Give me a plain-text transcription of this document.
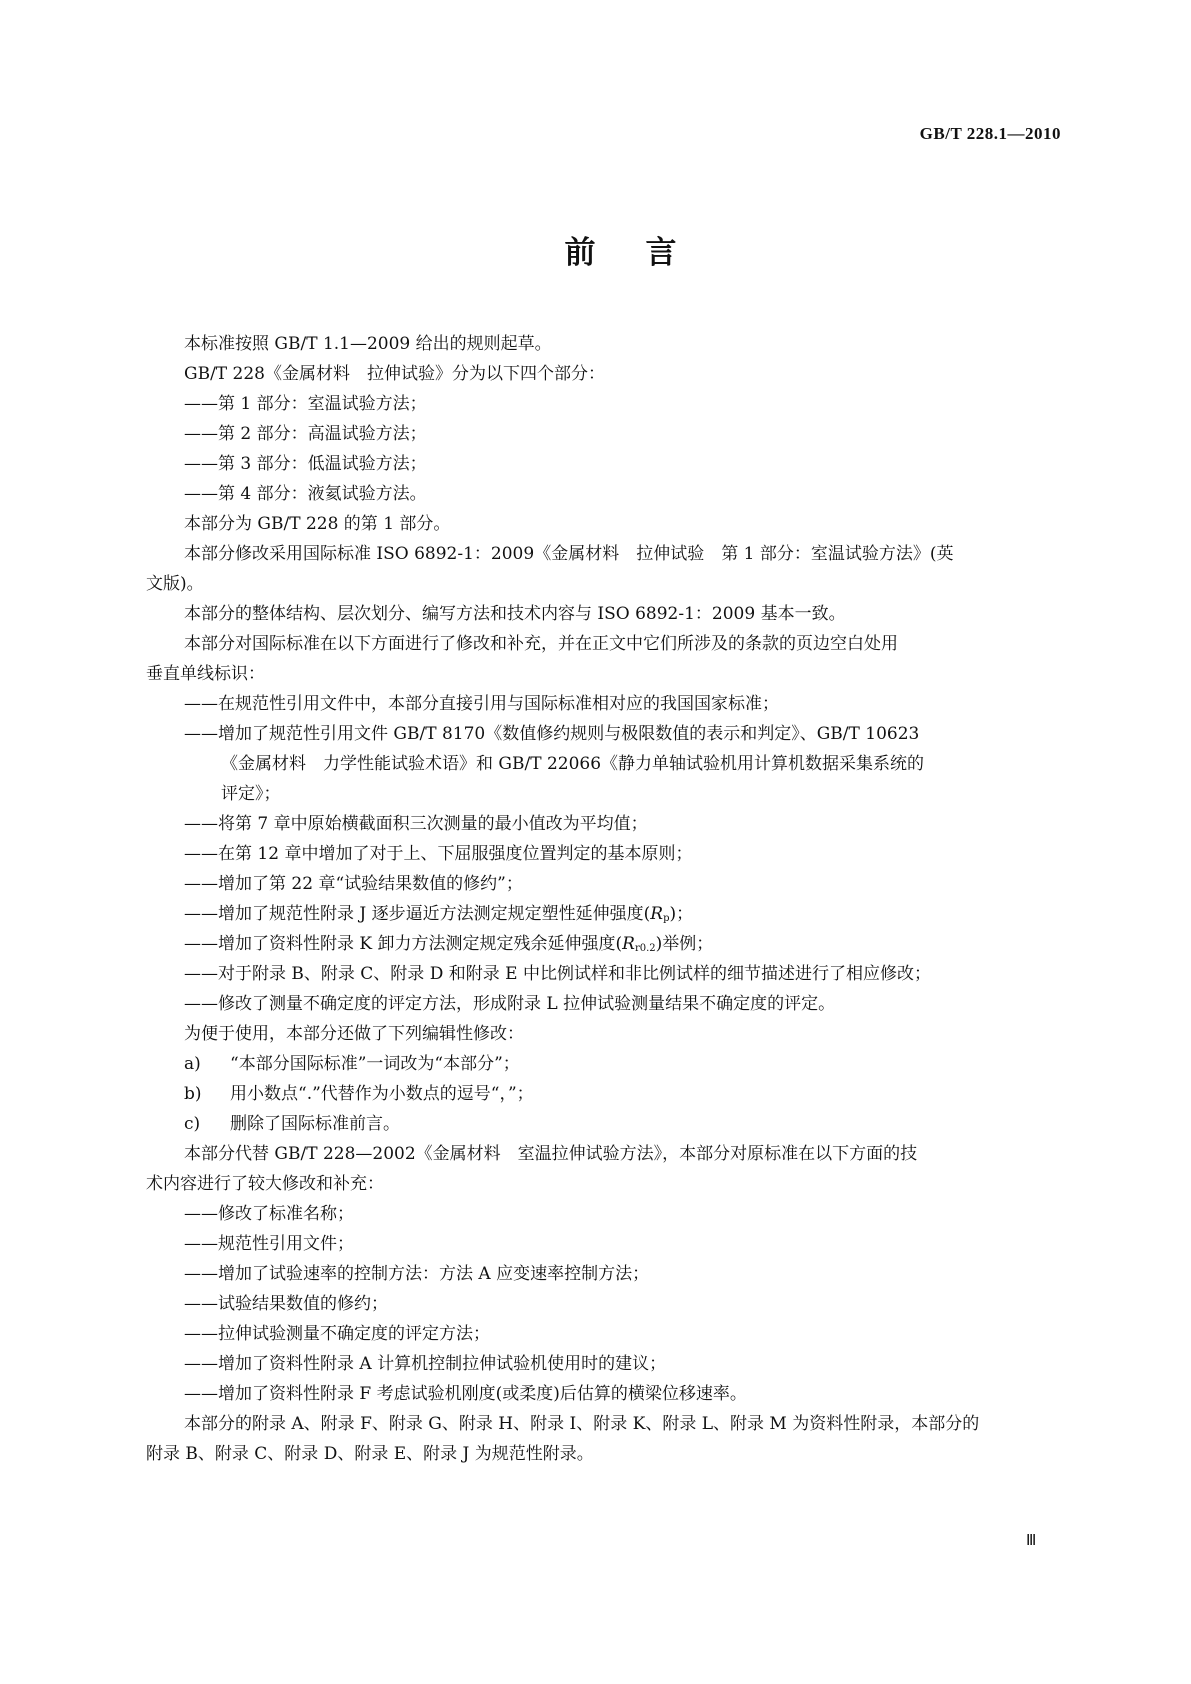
GB/T 228.1—2010
前言
本标准按照 GB/T 1.1—2009 给出的规则起草。
GB/T 228《金属材料　拉伸试验》分为以下四个部分：
——第 1 部分：室温试验方法；
——第 2 部分：高温试验方法；
——第 3 部分：低温试验方法；
——第 4 部分：液氦试验方法。
本部分为 GB/T 228 的第 1 部分。
本部分修改采用国际标准 ISO 6892-1：2009《金属材料　拉伸试验　第 1 部分：室温试验方法》(英
文版)。
本部分的整体结构、层次划分、编写方法和技术内容与 ISO 6892-1：2009 基本一致。
本部分对国际标准在以下方面进行了修改和补充，并在正文中它们所涉及的条款的页边空白处用
垂直单线标识：
——在规范性引用文件中，本部分直接引用与国际标准相对应的我国国家标准；
——增加了规范性引用文件 GB/T 8170《数值修约规则与极限数值的表示和判定》、GB/T 10623
《金属材料　力学性能试验术语》和 GB/T 22066《静力单轴试验机用计算机数据采集系统的
评定》；
——将第 7 章中原始横截面积三次测量的最小值改为平均值；
——在第 12 章中增加了对于上、下屈服强度位置判定的基本原则；
——增加了第 22 章“试验结果数值的修约”；
——增加了规范性附录 J 逐步逼近方法测定规定塑性延伸强度$(R_p)$；
——增加了资料性附录 K 卸力方法测定规定残余延伸强度$(R_{r0.2})$举例；
——对于附录 B、附录 C、附录 D 和附录 E 中比例试样和非比例试样的细节描述进行了相应修改；
——修改了测量不确定度的评定方法，形成附录 L 拉伸试验测量结果不确定度的评定。
为便于使用，本部分还做了下列编辑性修改：
a) “本部分国际标准”一词改为“本部分”；
b) 用小数点“.”代替作为小数点的逗号“，”；
c) 删除了国际标准前言。
本部分代替 GB/T 228—2002《金属材料　室温拉伸试验方法》，本部分对原标准在以下方面的技
术内容进行了较大修改和补充：
——修改了标准名称；
——规范性引用文件；
——增加了试验速率的控制方法：方法 A 应变速率控制方法；
——试验结果数值的修约；
——拉伸试验测量不确定度的评定方法；
——增加了资料性附录 A 计算机控制拉伸试验机使用时的建议；
——增加了资料性附录 F 考虑试验机刚度(或柔度)后估算的横梁位移速率。
本部分的附录 A、附录 F、附录 G、附录 H、附录 I、附录 K、附录 L、附录 M 为资料性附录，本部分的
附录 B、附录 C、附录 D、附录 E、附录 J 为规范性附录。
Ⅲ
